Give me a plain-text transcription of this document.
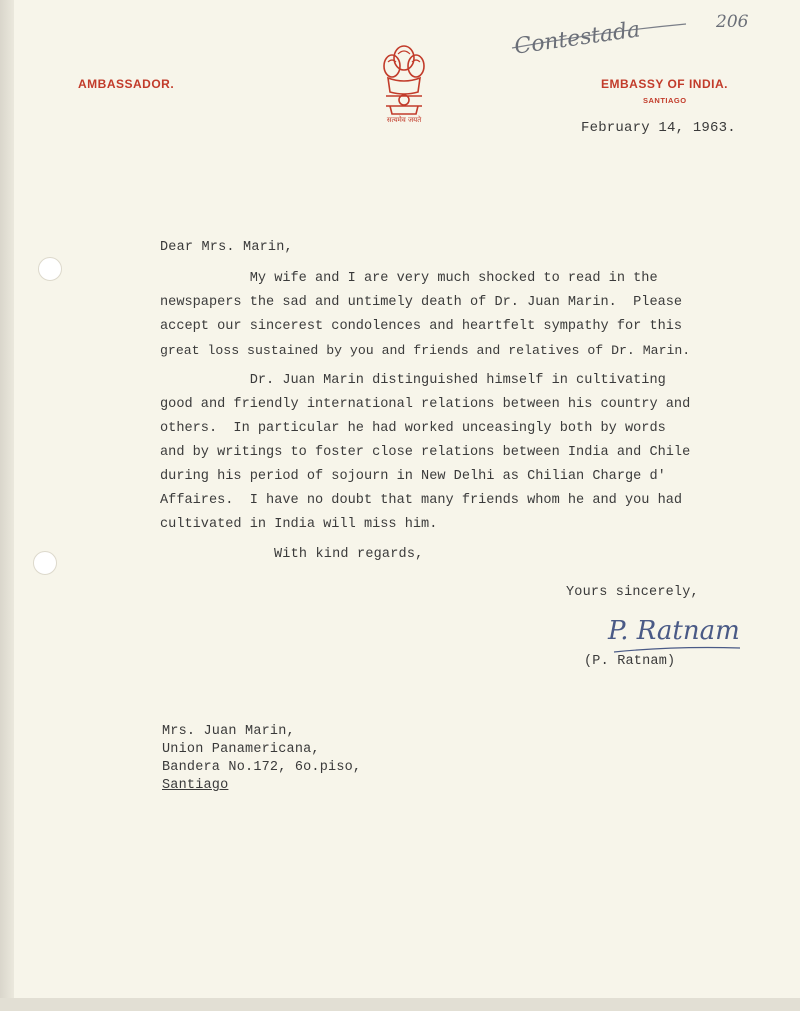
AMBASSADOR.
सत्यमेव जयते
EMBASSY OF INDIA.
SANTIAGO
February 14, 1963.
Contestada	206
Dear Mrs. Marin,
My wife and I are very much shocked to read in the
newspapers the sad and untimely death of Dr. Juan Marin.  Please
accept our sincerest condolences and heartfelt sympathy for this
great loss sustained by you and friends and relatives of Dr. Marin.
Dr. Juan Marin distinguished himself in cultivating
good and friendly international relations between his country and
others.  In particular he had worked unceasingly both by words
and by writings to foster close relations between India and Chile
during his period of sojourn in New Delhi as Chilian Charge d'
Affaires.  I have no doubt that many friends whom he and you had
cultivated in India will miss him.
With kind regards,
Yours sincerely,
P. Ratnam
(P. Ratnam)
Mrs. Juan Marin,
Union Panamericana,
Bandera No.172, 6o.piso,
Santiago
